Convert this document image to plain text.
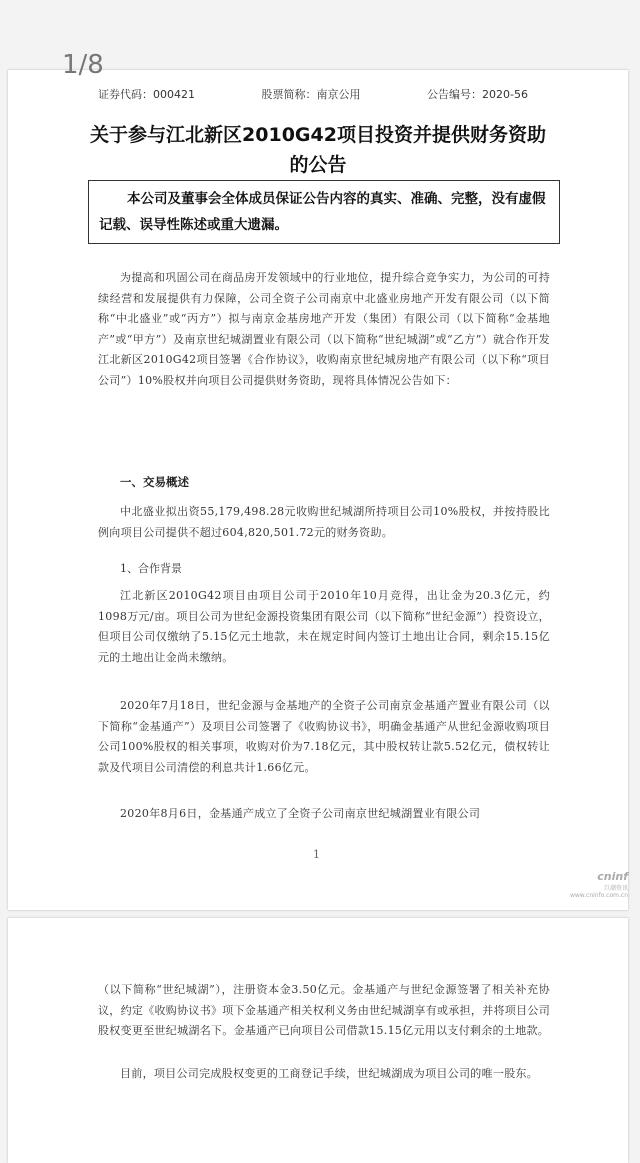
1/8
证券代码：000421	股票简称：南京公用	公告编号：2020-56
关于参与江北新区2010G42项目投资并提供财务资助
的公告
本公司及董事会全体成员保证公告内容的真实、准确、完整，没有虚假记载、误导性陈述或重大遗漏。
为提高和巩固公司在商品房开发领域中的行业地位，提升综合竞争实力，为公司的可持续经营和发展提供有力保障，公司全资子公司南京中北盛业房地产开发有限公司（以下简称“中北盛业”或“丙方”）拟与南京金基房地产开发（集团）有限公司（以下简称“金基地产”或“甲方”）及南京世纪城湖置业有限公司（以下简称“世纪城湖”或“乙方”）就合作开发江北新区2010G42项目签署《合作协议》，收购南京世纪城房地产有限公司（以下称“项目公司”）10%股权并向项目公司提供财务资助，现将具体情况公告如下：
一、交易概述
中北盛业拟出资55,179,498.28元收购世纪城湖所持项目公司10%股权，并按持股比例向项目公司提供不超过604,820,501.72元的财务资助。
1、合作背景
江北新区2010G42项目由项目公司于2010年10月竞得，出让金为20.3亿元，约1098万元/亩。项目公司为世纪金源投资集团有限公司（以下简称“世纪金源”）投资设立，但项目公司仅缴纳了5.15亿元土地款，未在规定时间内签订土地出让合同，剩余15.15亿元的土地出让金尚未缴纳。
2020年7月18日，世纪金源与金基地产的全资子公司南京金基通产置业有限公司（以下简称“金基通产”）及项目公司签署了《收购协议书》，明确金基通产从世纪金源收购项目公司100%股权的相关事项，收购对价为7.18亿元，其中股权转让款5.52亿元，债权转让款及代项目公司清偿的利息共计1.66亿元。
2020年8月6日，金基通产成立了全资子公司南京世纪城湖置业有限公司
1
cninf
巨潮资讯 www.cninfo.com.cn
（以下简称“世纪城湖”），注册资本金3.50亿元。金基通产与世纪金源签署了相关补充协议，约定《收购协议书》项下金基通产相关权利义务由世纪城湖享有或承担，并将项目公司股权变更至世纪城湖名下。金基通产已向项目公司借款15.15亿元用以支付剩余的土地款。
目前，项目公司完成股权变更的工商登记手续，世纪城湖成为项目公司的唯一股东。
